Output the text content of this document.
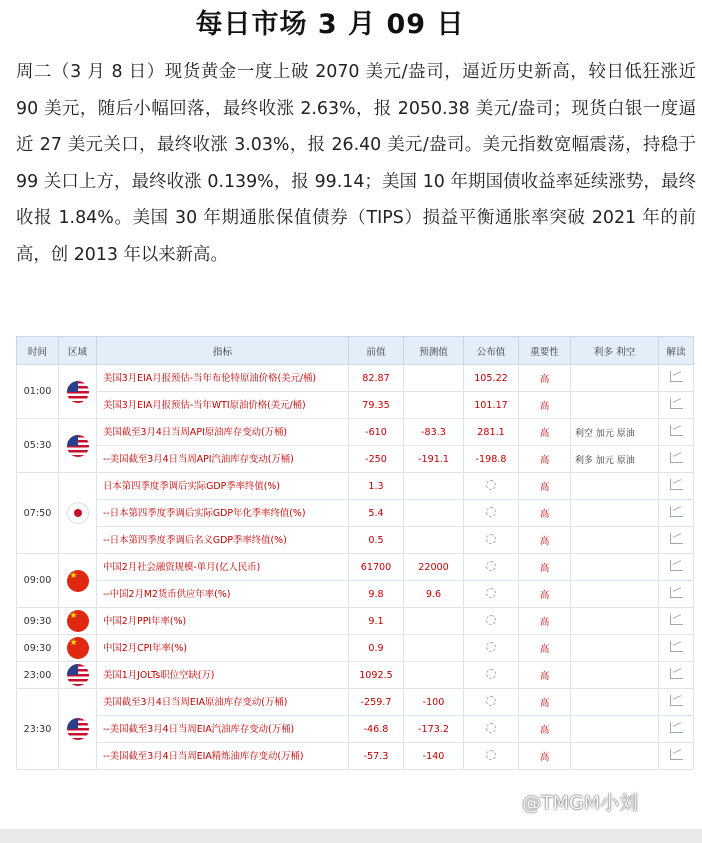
每日市场 3 月 09 日

周二（3 月 8 日）现货黄金一度上破 2070 美元/盎司，逼近历史新高，较日低狂涨近 90 美元，随后小幅回落，最终收涨 2.63%，报 2050.38 美元/盎司；现货白银一度逼近 27 美元关口，最终收涨 3.03%，报 26.40 美元/盎司。美元指数宽幅震荡，持稳于 99 关口上方，最终收涨 0.139%，报 99.14；美国 10 年期国债收益率延续涨势，最终收报 1.84%。美国 30 年期通胀保值债券（TIPS）损益平衡通胀率突破 2021 年的前高，创 2013 年以来新高。

时间	区域	指标	前值	预测值	公布值	重要性	利多 利空	解读
01:00		美国3月EIA月报预估-当年布伦特原油价格(美元/桶)	82.87		105.22	高		
		美国3月EIA月报预估-当年WTI原油价格(美元/桶)	79.35		101.17	高		
05:30		美国截至3月4日当周API原油库存变动(万桶)	-610	-83.3	281.1	高	利空 加元 原油	
		--美国截至3月4日当周API汽油库存变动(万桶)	-250	-191.1	-198.8	高	利多 加元 原油	
07:50		日本第四季度季调后实际GDP季率终值(%)	1.3			高		
		--日本第四季度季调后实际GDP年化季率终值(%)	5.4			高		
		--日本第四季度季调后名义GDP季率终值(%)	0.5			高		
09:00	★	中国2月社会融资规模-单月(亿人民币)	61700	22000		高		
		--中国2月M2货币供应年率(%)	9.8	9.6		高		
09:30	★	中国2月PPI年率(%)	9.1			高		
09:30	★	中国2月CPI年率(%)	0.9			高		
23:00		美国1月JOLTs职位空缺(万)	1092.5			高		
23:30		美国截至3月4日当周EIA原油库存变动(万桶)	-259.7	-100		高		
		--美国截至3月4日当周EIA汽油库存变动(万桶)	-46.8	-173.2		高		
		--美国截至3月4日当周EIA精炼油库存变动(万桶)	-57.3	-140		高		
@TMGM小刘
